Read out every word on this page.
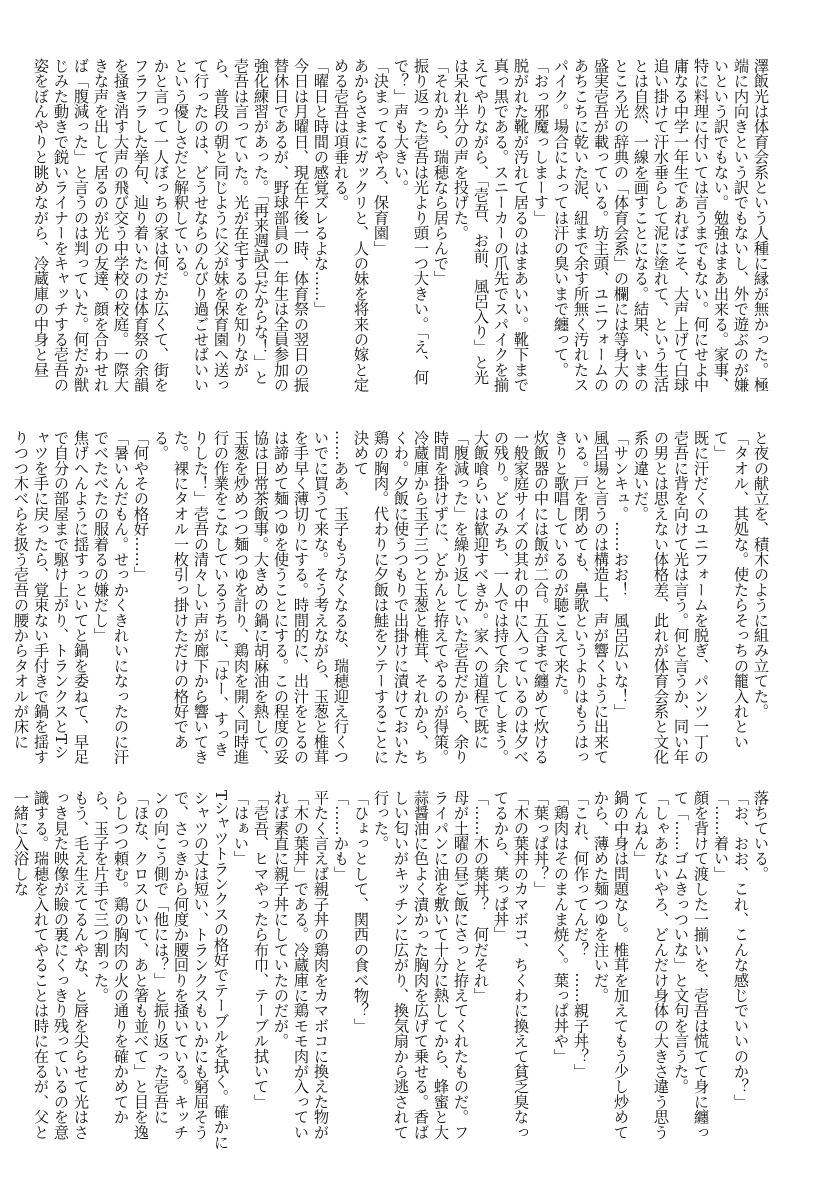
澤飯光は体育会系という人種に縁が無かった。極端に内向きという訳でもないし、外で遊ぶのが嫌いという訳でもない。勉強はまあ出来る。家事、特に料理に付いては言うまでもない。何にせよ中庸なる中学一年生であればこそ、大声上げて白球追い掛けて汗水垂らして泥に塗れて、という生活とは自然、一線を画すことになる。結果、いまのところ光の辞典の「体育会系」の欄には等身大の盛実壱吾が載っている。坊主頭、ユニフォームのあちこちに乾いた泥、紐まで余す所無く汚れたスパイク。場合によっては汗の臭いまで纏って。

「おっ邪魔っしまーす」

脱がれた靴が汚れて居るのはまあいい。靴下まで真っ黒である。スニーカーの爪先でスパイクを揃えてやりながら、「壱吾、お前、風呂入り」と光は呆れ半分の声を投げた。

「それから、瑞穂なら居らんで」

振り返った壱吾は光より頭一つ大きい。「え、何で？」声も大きい。

「決まってるやろ、保育園」

あからさまにガックリと、人の妹を将来の嫁と定める壱吾は項垂れる。

「曜日と時間の感覚ズレるよな……」

今日は月曜日、現在午後一時、体育祭の翌日の振替休日であるが、野球部員の一年生は全員参加の強化練習があった。「再来週試合だからな！」と壱吾は言っていた。光が在宅するのを知りながら、普段の朝と同じように父が妹を保育園へ送って行ったのは、どうせならのんびり過ごせばいいという優しさだと解釈している。

かと言って一人ぼっちの家は何だか広くて、街をフラフラした挙句、辿り着いたのは体育祭の余韻を掻き消す大声の飛び交う中学校の校庭。一際大きな声を出して居るのが光の友達、顔を合わせれば「腹減った」と言うのは判っていた。何だか獣じみた動きで鋭いライナーをキャッチする壱吾の姿をぼんやりと眺めながら、冷蔵庫の中身と昼

と夜の献立を、積木のように組み立てた。

「タオル、其処な。使たらそっちの籠入れといて」

既に汗だくのユニフォームを脱ぎ、パンツ一丁の壱吾に背を向けて光は言う。何と言うか、同い年の男とは思えない体格差、此れが体育会系と文化系の違いだ。

「サンキュ。……おお！　風呂広いな！」

風呂場と言うのは構造上、声が響くように出来ている。戸を閉めても、鼻歌というよりはもうはっきりと歌唱しているのが聴こえて来た。

炊飯器の中には飯が二合。五合まで纏めて炊ける一般家庭サイズの其れの中に入っているのは夕べの残り。どのみち、一人では持て余してしまう。大飯喰らいは歓迎すべきか。家への道程で既に「腹減った」を繰り返していた壱吾だから、余り時間を掛けずに、どかんと拵えてやるのが得策。冷蔵庫から玉子三つと玉葱と椎茸、それから、ちくわ。夕飯に使うつもりで出掛けに漬けておいた鶏の胸肉。代わりに夕飯は鮭をソテーすることに決めて

……ああ、玉子もうなくなるな、瑞穂迎え行くついでに買うて来な。そう考えながら、玉葱と椎茸を手早く薄切りにする。時間的に、出汁をとるのは諦めて麺つゆを使うことにする。この程度の妥協は日常茶飯事。大きめの鍋に胡麻油を熱して、玉葱を炒めつつ麺つゆを計り、鶏肉を開く同時進行の作業をこなしているうちに、「はー、すっきりした！」壱吾の清々しい声が廊下から響いてきた。裸にタオル一枚引っ掛けただけの格好である。

「何やその格好……」

「暑いんだもん。せっかくきれいになったのに汗でべたべたの服着るの嫌だし」

焦げへんように揺すっといてと鍋を委ねて、早足で自分の部屋まで駆け上がり、トランクスとTシャツを手に戻ったら、覚束ない手付きで鍋を揺すりつつ木べらを扱う壱吾の腰からタオルが床に

落ちている。

「お、おお、これ、こんな感じでいいのか？」

「……着い」

顔を背けて渡した一揃いを、壱吾は慌てて身に纏って「……ゴムきっついな」と文句を言うた。

「しゃあないやろ、どんだけ身体の大きさ違う思うてんねん」

鍋の中身は問題なし。椎茸を加えてもう少し炒めてから、薄めた麺つゆを注いだ。

「これ、何作ってんだ？　……親子丼？」

「鶏肉はそのまんま焼く。葉っぱ丼や」

「葉っぱ丼？」

「木の葉丼のカマボコ、ちくわに換えて貧乏臭なってるから、葉っぱ丼」

「……木の葉丼？　何だそれ」

母が土曜の昼ご飯にさっと拵えてくれたものだ。フライパンに油を敷いて十分に熱してから、蜂蜜と大蒜醤油に色よく漬かった胸肉を広げて乗せる。香ばしい匂いがキッチンに広がり、換気扇から逃されて行った。

「ひょっとして、関西の食べ物？」

「……かも」

平たく言えば親子丼の鶏肉をカマボコに換えた物が「木の葉丼」である。冷蔵庫に鶏モモ肉が入っていれば素直に親子丼にしていたのだが。

「壱吾、ヒマやったら布巾、テーブル拭いて」

「はぁい」

Tシャツトランクスの格好でテーブルを拭く。確かにシャツの丈は短い、トランクスもいかにも窮屈そうで、さっきから何度か腰回りを掻いている。キッチンの向こう側で「他には？」と振り返った壱吾に「ほな、クロスひいて、あと箸も並べて」と目を逸らしつつ頼む。鶏の胸肉の火の通りを確かめてから、玉子を片手で三つ割った。

もう、毛え生えてるんやな、と唇を尖らせて光はさっき見た映像が瞼の裏にくっきり残っているのを意識する。瑞穂を入れてやることは時に在るが、父と一緒に入浴しな
